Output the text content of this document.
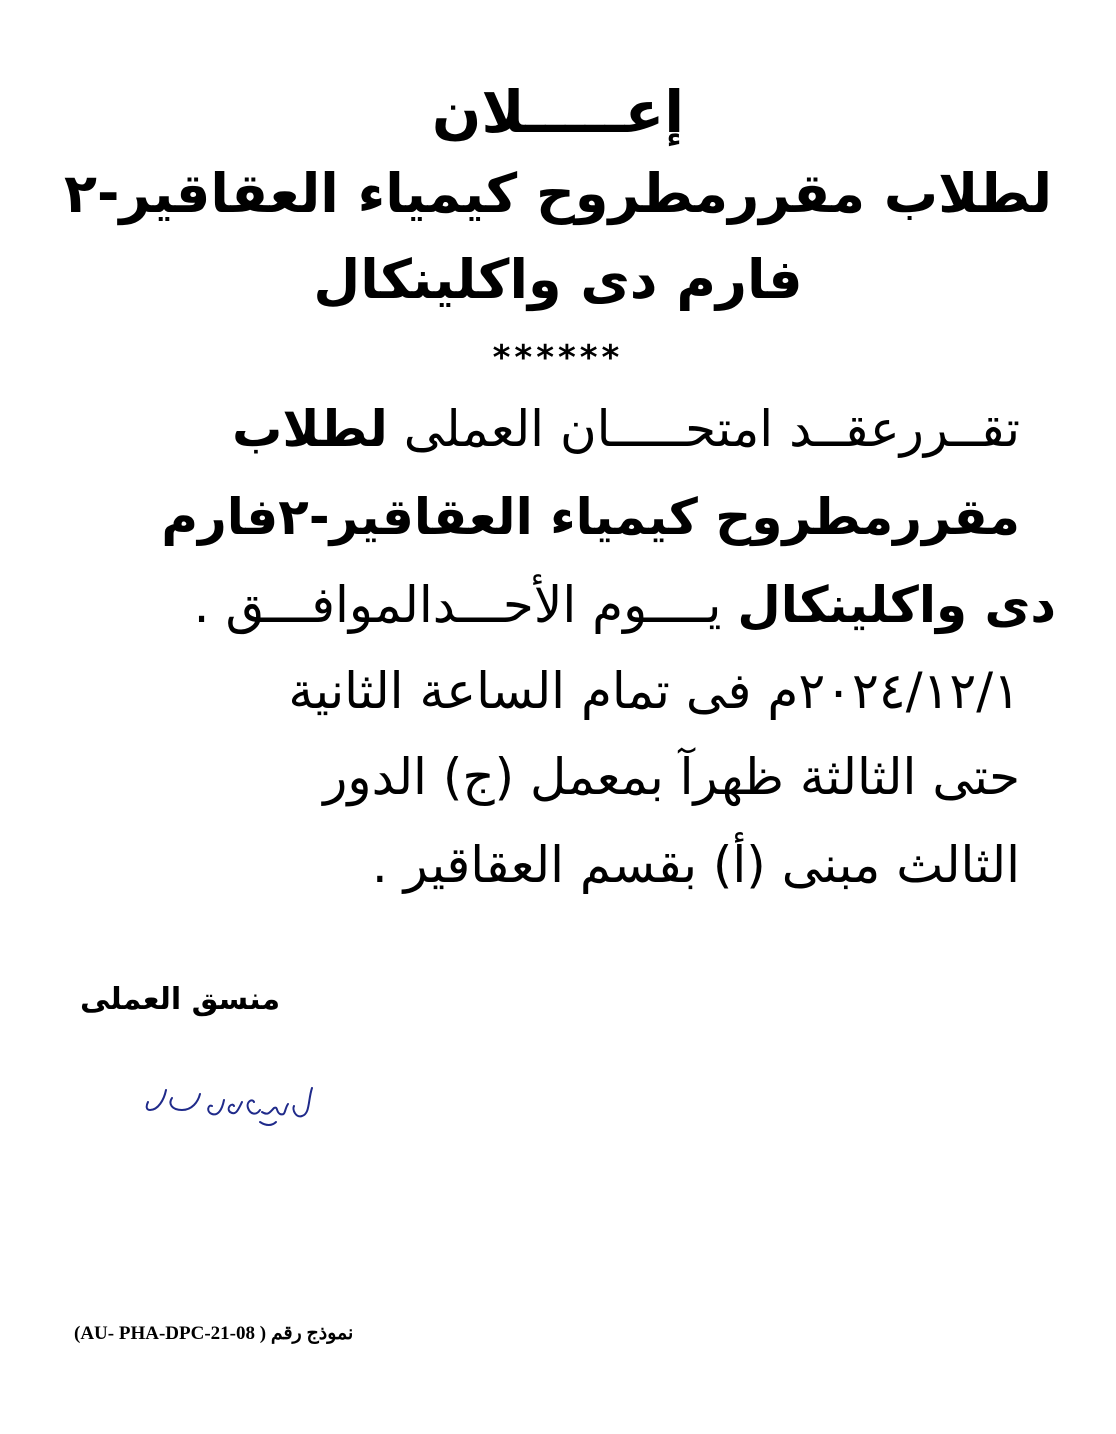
إعـــــلان
لطلاب مقررمطروح كيمياء العقاقير-٢
فارم دى واكلينكال
******
تقــررعقــد امتحـــــان العملى لطلاب
مقررمطروح كيمياء العقاقير-٢فارم
دى واكلينكال يــــوم الأحـــدالموافـــق .
٢٠٢٤/١٢/١م فى تمام الساعة الثانية
حتى الثالثة ظهرآ بمعمل (ج) الدور
الثالث مبنى (أ) بقسم العقاقير .
منسق العملى
نموذج رقم ( AU- PHA-DPC-21-08)
